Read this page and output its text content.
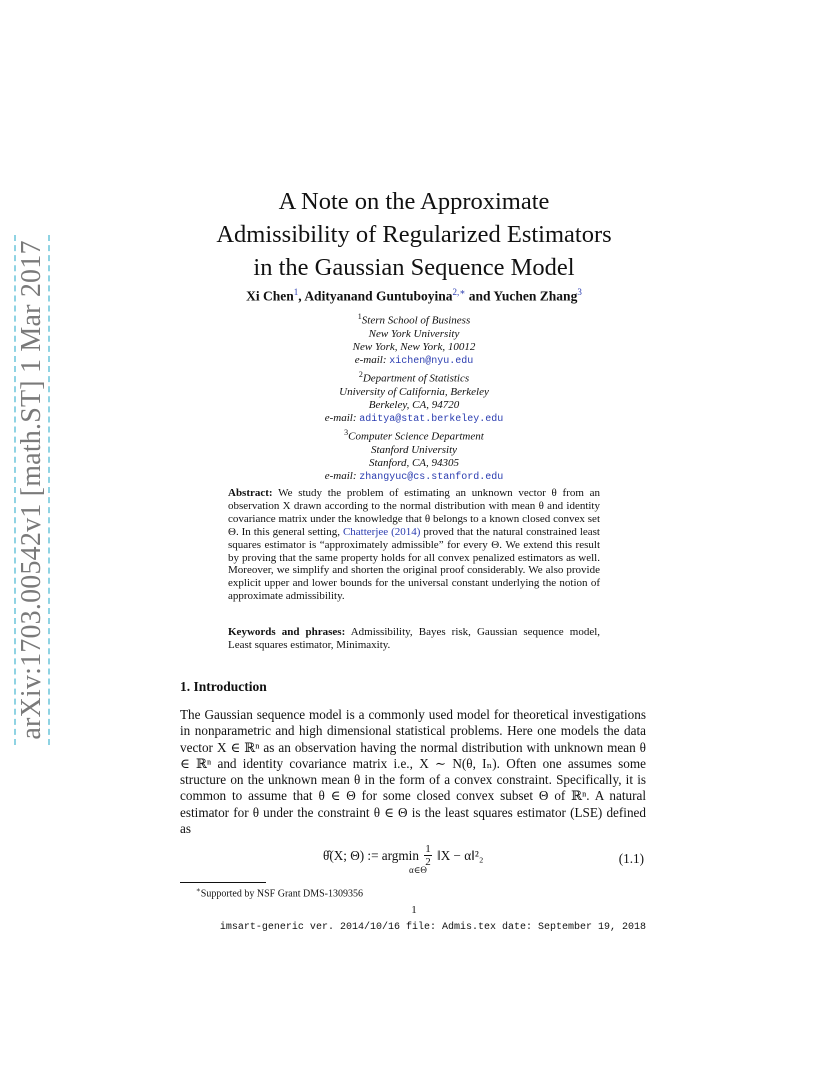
arXiv:1703.00542v1 [math.ST] 1 Mar 2017
A Note on the Approximate
Admissibility of Regularized Estimators
in the Gaussian Sequence Model
Xi Chen$^1$, Adityanand Guntuboyina$^{2,∗}$ and Yuchen Zhang$^3$
$^1$Stern School of Business
New York University
New York, New York, 10012
e-mail: xichen@nyu.edu
$^2$Department of Statistics
University of California, Berkeley
Berkeley, CA, 94720
e-mail: aditya@stat.berkeley.edu
$^3$Computer Science Department
Stanford University
Stanford, CA, 94305
e-mail: zhangyuc@cs.stanford.edu
Abstract: We study the problem of estimating an unknown vector θ from an observation X drawn according to the normal distribution with mean θ and identity covariance matrix under the knowledge that θ belongs to a known closed convex set Θ. In this general setting, Chatterjee (2014) proved that the natural constrained least squares estimator is “approximately admissible” for every Θ. We extend this result by proving that the same property holds for all convex penalized estimators as well. Moreover, we simplify and shorten the original proof considerably. We also provide explicit upper and lower bounds for the universal constant underlying the notion of approximate admissibility.
Keywords and phrases: Admissibility, Bayes risk, Gaussian sequence model, Least squares estimator, Minimaxity.
1. Introduction
The Gaussian sequence model is a commonly used model for theoretical investigations in nonparametric and high dimensional statistical problems. Here one models the data vector X ∈ ℝⁿ as an observation having the normal distribution with unknown mean θ ∈ ℝⁿ and identity covariance matrix i.e., X ∼ N(θ, Iₙ). Often one assumes some structure on the unknown mean θ in the form of a convex constraint. Specifically, it is common to assume that θ ∈ Θ for some closed convex subset Θ of ℝⁿ. A natural estimator for θ under the constraint θ ∈ Θ is the least squares estimator (LSE) defined as
θ̂(X; Θ) := argmin $\frac{1}{2}$ ‖X − α‖²₂
α∈Θ
(1.1)
∗Supported by NSF Grant DMS-1309356
1
imsart-generic ver. 2014/10/16 file: Admis.tex date: September 19, 2018
